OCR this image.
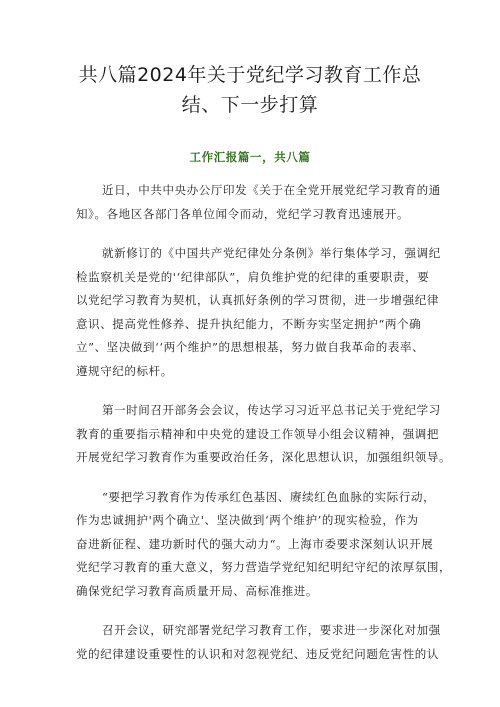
共八篇2024年关于党纪学习教育工作总
结、下一步打算
工作汇报篇一，共八篇
近日，中共中央办公厅印发《关于在全党开展党纪学习教育的通
知》。各地区各部门各单位闻令而动，党纪学习教育迅速展开。
就新修订的《中国共产党纪律处分条例》举行集体学习，强调纪
检监察机关是党的'‘纪律部队”，肩负维护党的纪律的重要职责，要
以党纪学习教育为契机，认真抓好条例的学习贯彻，进一步增强纪律
意识、提高党性修养、提升执纪能力，不断夯实坚定拥护“两个确
立”、坚决做到‘‘两个维护”的思想根基，努力做自我革命的表率、
遵规守纪的标杆。
第一时间召开部务会会议，传达学习习近平总书记关于党纪学习
教育的重要指示精神和中央党的建设工作领导小组会议精神，强调把
开展党纪学习教育作为重要政治任务，深化思想认识，加强组织领导。
“要把学习教育作为传承红色基因、赓续红色血脉的实际行动，
作为忠诚拥护'两个确立'、坚决做到‘两个维护’的现实检验，作为
奋进新征程、建功新时代的强大动力“。上海市委要求深刻认识开展
党纪学习教育的重大意义，努力营造学党纪知纪明纪守纪的浓厚氛围，
确保党纪学习教育高质量开局、高标准推进。
召开会议，研究部署党纪学习教育工作，要求进一步深化对加强
党的纪律建设重要性的认识和对忽视党纪、违反党纪问题危害性的认
